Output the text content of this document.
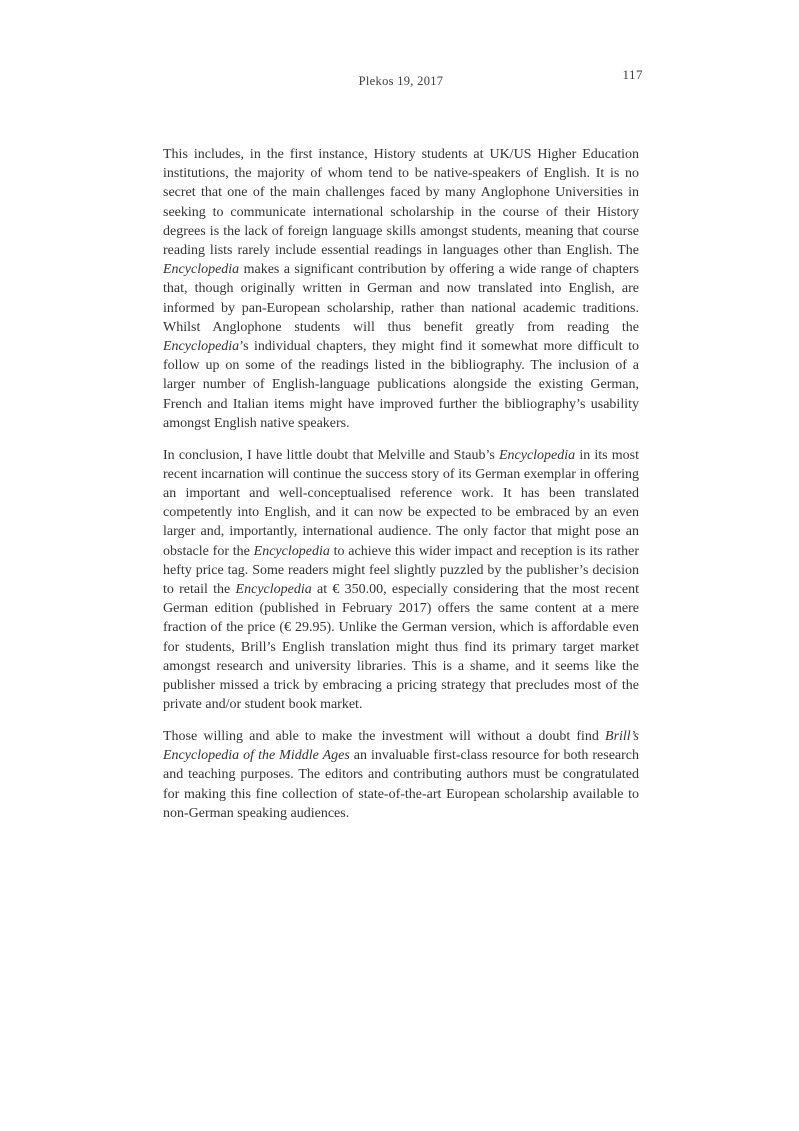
Plekos 19, 2017	117

This includes, in the first instance, History students at UK/US Higher Education institutions, the majority of whom tend to be native-speakers of English. It is no secret that one of the main challenges faced by many Anglophone Universities in seeking to communicate international scholarship in the course of their History degrees is the lack of foreign language skills amongst students, meaning that course reading lists rarely include essential readings in languages other than English. The Encyclopedia makes a significant contribution by offering a wide range of chapters that, though originally written in German and now translated into English, are informed by pan-European scholarship, rather than national academic traditions. Whilst Anglophone students will thus benefit greatly from reading the Encyclopedia’s individual chapters, they might find it somewhat more difficult to follow up on some of the readings listed in the bibliography. The inclusion of a larger number of English-language publications alongside the existing German, French and Italian items might have improved further the bibliography’s usability amongst English native speakers.

In conclusion, I have little doubt that Melville and Staub’s Encyclopedia in its most recent incarnation will continue the success story of its German exemplar in offering an important and well-conceptualised reference work. It has been translated competently into English, and it can now be expected to be embraced by an even larger and, importantly, international audience. The only factor that might pose an obstacle for the Encyclopedia to achieve this wider impact and reception is its rather hefty price tag. Some readers might feel slightly puzzled by the publisher’s decision to retail the Encyclopedia at € 350.00, especially considering that the most recent German edition (published in February 2017) offers the same content at a mere fraction of the price (€ 29.95). Unlike the German version, which is affordable even for students, Brill’s English translation might thus find its primary target market amongst research and university libraries. This is a shame, and it seems like the publisher missed a trick by embracing a pricing strategy that precludes most of the private and/or student book market.

Those willing and able to make the investment will without a doubt find Brill’s Encyclopedia of the Middle Ages an invaluable first-class resource for both research and teaching purposes. The editors and contributing authors must be congratulated for making this fine collection of state-of-the-art European scholarship available to non-German speaking audiences.
